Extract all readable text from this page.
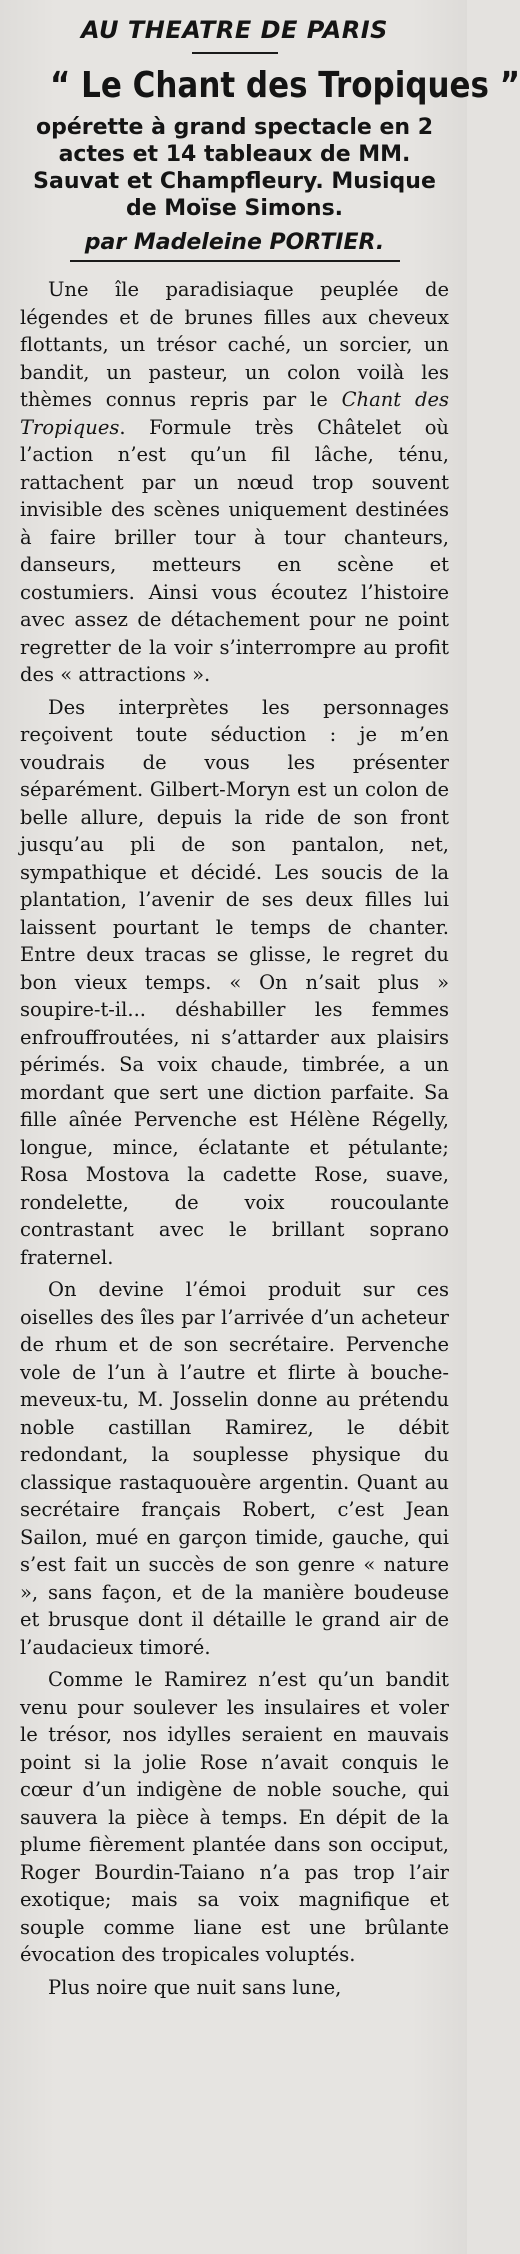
AU THEATRE DE PARIS
“ Le Chant des Tropiques ”
opérette à grand spectacle en 2 actes et 14 tableaux de MM. Sauvat et Champfleury. Musique de Moïse Simons.
par Madeleine PORTIER.

Une île paradisiaque peuplée de légendes et de brunes filles aux cheveux flottants, un trésor caché, un sorcier, un bandit, un pasteur, un colon voilà les thèmes connus repris par le Chant des Tropiques. Formule très Châtelet où l’action n’est qu’un fil lâche, ténu, rattachent par un nœud trop souvent invisible des scènes uniquement destinées à faire briller tour à tour chanteurs, danseurs, metteurs en scène et costumiers. Ainsi vous écoutez l’histoire avec assez de détachement pour ne point regretter de la voir s’interrompre au profit des « attractions ».

Des interprètes les personnages reçoivent toute séduction : je m’en voudrais de vous les présenter séparément. Gilbert-Moryn est un colon de belle allure, depuis la ride de son front jusqu’au pli de son pantalon, net, sympathique et décidé. Les soucis de la plantation, l’avenir de ses deux filles lui laissent pourtant le temps de chanter. Entre deux tracas se glisse, le regret du bon vieux temps. « On n’sait plus » soupire-t-il... déshabiller les femmes enfrouffroutées, ni s’attarder aux plaisirs périmés. Sa voix chaude, timbrée, a un mordant que sert une diction parfaite. Sa fille aînée Pervenche est Hélène Régelly, longue, mince, éclatante et pétulante; Rosa Mostova la cadette Rose, suave, rondelette, de voix roucoulante contrastant avec le brillant soprano fraternel.

On devine l’émoi produit sur ces oiselles des îles par l’arrivée d’un acheteur de rhum et de son secrétaire. Pervenche vole de l’un à l’autre et flirte à bouche-meveux-tu, M. Josselin donne au prétendu noble castillan Ramirez, le débit redondant, la souplesse physique du classique rastaquouère argentin. Quant au secrétaire français Robert, c’est Jean Sailon, mué en garçon timide, gauche, qui s’est fait un succès de son genre « nature », sans façon, et de la manière boudeuse et brusque dont il détaille le grand air de l’audacieux timoré.

Comme le Ramirez n’est qu’un bandit venu pour soulever les insulaires et voler le trésor, nos idylles seraient en mauvais point si la jolie Rose n’avait conquis le cœur d’un indigène de noble souche, qui sauvera la pièce à temps. En dépit de la plume fièrement plantée dans son occiput, Roger Bourdin-Taiano n’a pas trop l’air exotique; mais sa voix magnifique et souple comme liane est une brûlante évocation des tropicales voluptés.

Plus noire que nuit sans lune,
